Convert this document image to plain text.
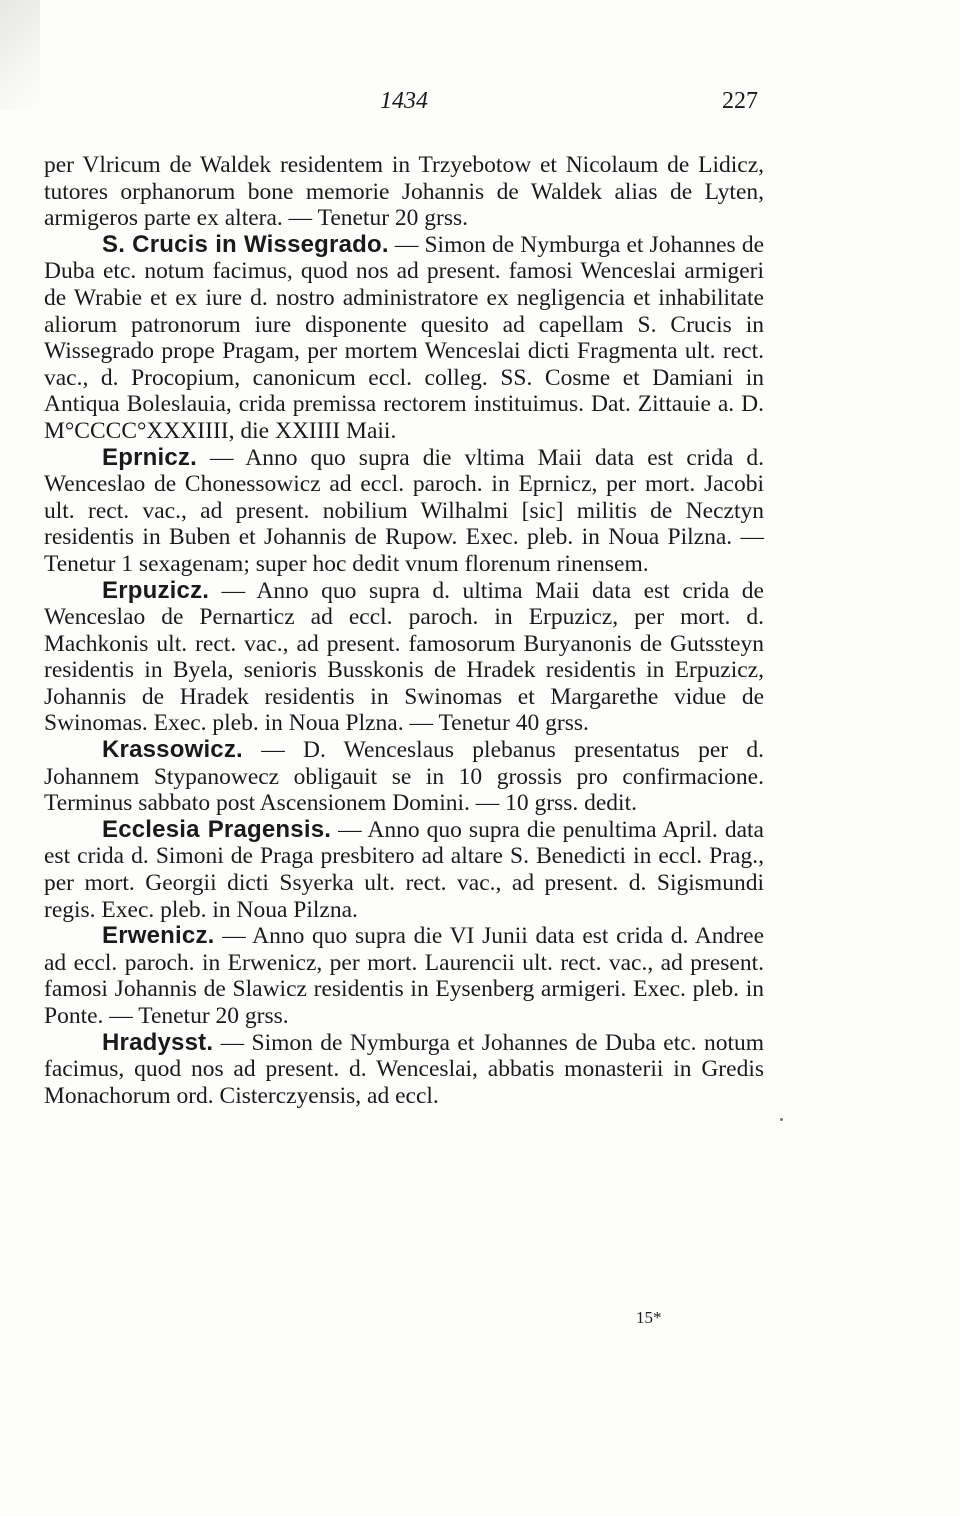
1434	227

per Vlricum de Waldek residentem in Trzyebotow et Nicolaum de Lidicz, tutores orphanorum bone memorie Johannis de Waldek alias de Lyten, armigeros parte ex altera. — Tenetur 20 grss.

S. Crucis in Wissegrado. — Simon de Nymburga et Johannes de Duba etc. notum facimus, quod nos ad present. famosi Wenceslai armigeri de Wrabie et ex iure d. nostro administratore ex negligencia et inhabilitate aliorum patronorum iure disponente quesito ad capellam S. Crucis in Wissegrado prope Pragam, per mortem Wenceslai dicti Fragmenta ult. rect. vac., d. Procopium, canonicum eccl. colleg. SS. Cosme et Damiani in Antiqua Boleslauia, crida premissa rectorem instituimus. Dat. Zittauie a. D. M°CCCC°XXXIIII, die XXIIII Maii.

Eprnicz. — Anno quo supra die vltima Maii data est crida d. Wenceslao de Chonessowicz ad eccl. paroch. in Eprnicz, per mort. Jacobi ult. rect. vac., ad present. nobilium Wilhalmi [sic] militis de Necztyn residentis in Buben et Johannis de Rupow. Exec. pleb. in Noua Pilzna. — Tenetur 1 sexagenam; super hoc dedit vnum florenum rinensem.

Erpuzicz. — Anno quo supra d. ultima Maii data est crida de Wenceslao de Pernarticz ad eccl. paroch. in Erpuzicz, per mort. d. Machkonis ult. rect. vac., ad present. famosorum Buryanonis de Gutssteyn residentis in Byela, senioris Busskonis de Hradek residentis in Erpuzicz, Johannis de Hradek residentis in Swinomas et Margarethe vidue de Swinomas. Exec. pleb. in Noua Plzna. — Tenetur 40 grss.

Krassowicz. — D. Wenceslaus plebanus presentatus per d. Johannem Stypanowecz obligauit se in 10 grossis pro confirmacione. Terminus sabbato post Ascensionem Domini. — 10 grss. dedit.

Ecclesia Pragensis. — Anno quo supra die penultima April. data est crida d. Simoni de Praga presbitero ad altare S. Benedicti in eccl. Prag., per mort. Georgii dicti Ssyerka ult. rect. vac., ad present. d. Sigismundi regis. Exec. pleb. in Noua Pilzna.

Erwenicz. — Anno quo supra die VI Junii data est crida d. Andree ad eccl. paroch. in Erwenicz, per mort. Laurencii ult. rect. vac., ad present. famosi Johannis de Slawicz residentis in Eysenberg armigeri. Exec. pleb. in Ponte. — Tenetur 20 grss.

Hradysst. — Simon de Nymburga et Johannes de Duba etc. notum facimus, quod nos ad present. d. Wenceslai, abbatis monasterii in Gredis Monachorum ord. Cisterczyensis, ad eccl.

15*
